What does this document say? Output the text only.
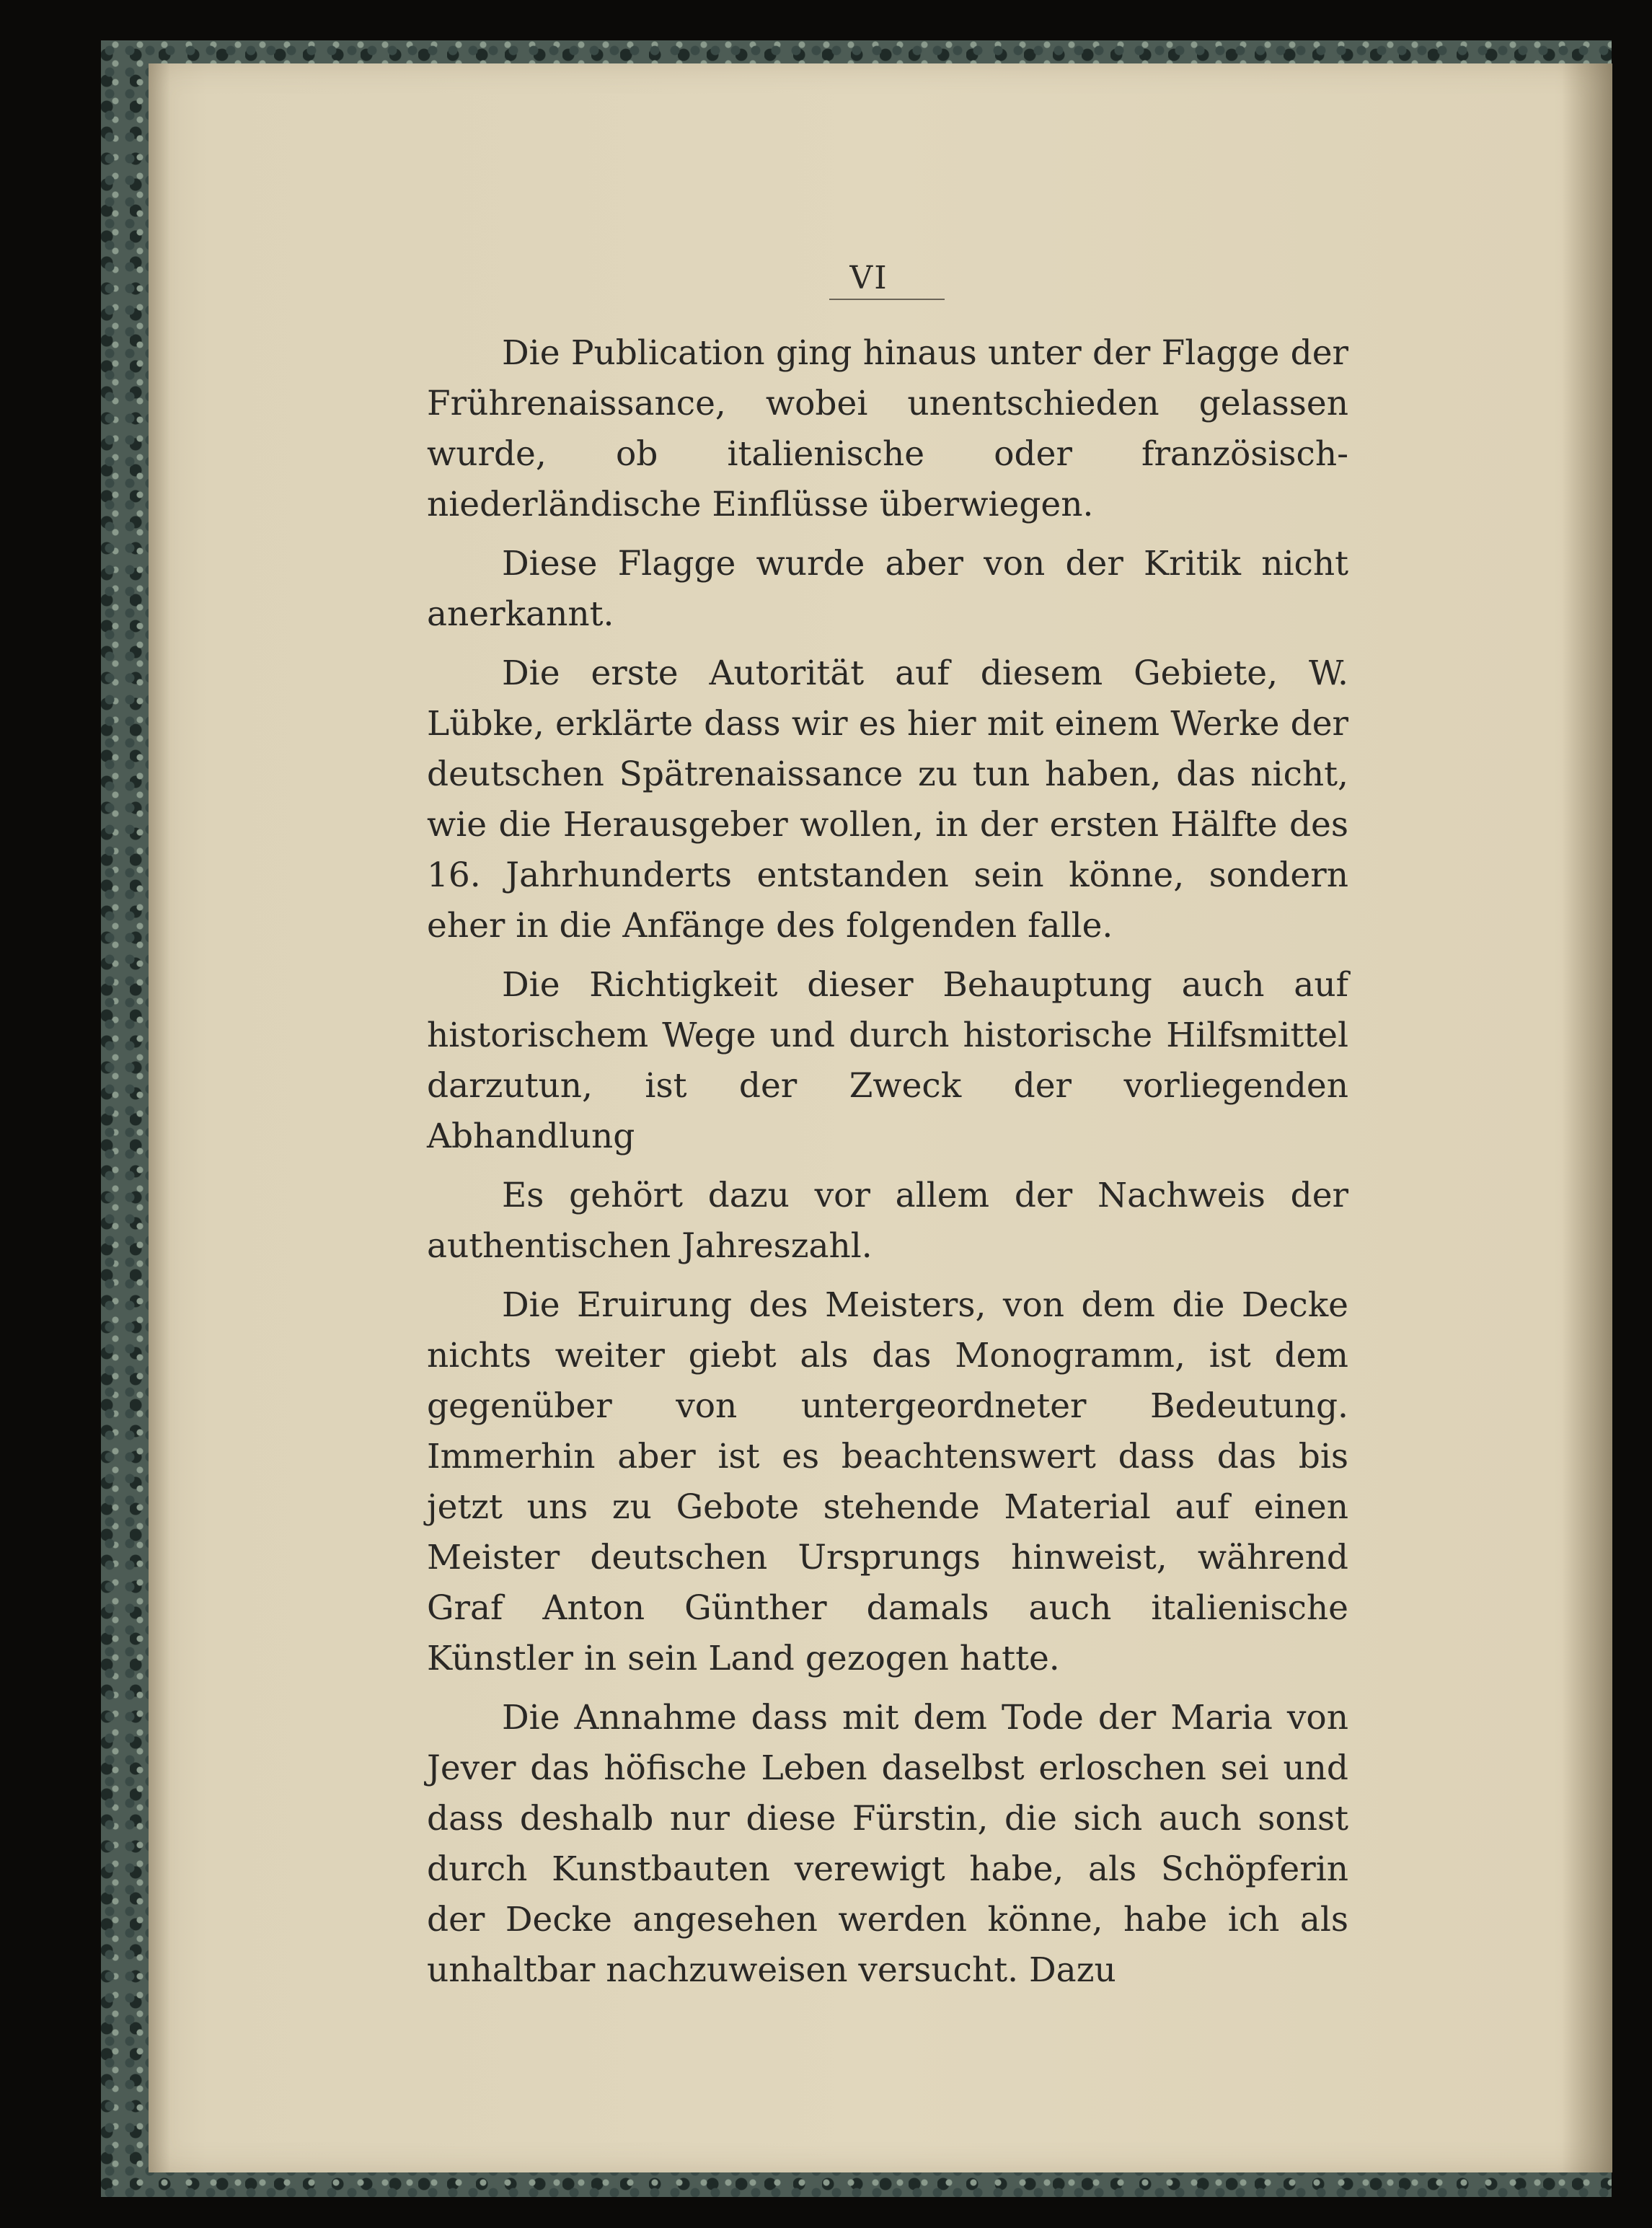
VI

Die Publication ging hinaus unter der Flagge der Frührenaissance, wobei unentschieden gelassen wurde, ob italienische oder französisch-niederländische Einflüsse überwiegen.

Diese Flagge wurde aber von der Kritik nicht anerkannt.

Die erste Autorität auf diesem Gebiete, W. Lübke, erklärte dass wir es hier mit einem Werke der deutschen Spätrenaissance zu tun haben, das nicht, wie die Herausgeber wollen, in der ersten Hälfte des 16. Jahrhunderts entstanden sein könne, sondern eher in die Anfänge des folgenden falle.

Die Richtigkeit dieser Behauptung auch auf historischem Wege und durch historische Hilfsmittel darzutun, ist der Zweck der vorliegenden Abhandlung

Es gehört dazu vor allem der Nachweis der authentischen Jahreszahl.

Die Eruirung des Meisters, von dem die Decke nichts weiter giebt als das Monogramm, ist dem gegenüber von untergeordneter Bedeutung. Immerhin aber ist es beachtenswert dass das bis jetzt uns zu Gebote stehende Material auf einen Meister deutschen Ursprungs hinweist, während Graf Anton Günther damals auch italienische Künstler in sein Land gezogen hatte.

Die Annahme dass mit dem Tode der Maria von Jever das höfische Leben daselbst erloschen sei und dass deshalb nur diese Fürstin, die sich auch sonst durch Kunstbauten verewigt habe, als Schöpferin der Decke angesehen werden könne, habe ich als unhaltbar nachzuweisen versucht. Dazu
